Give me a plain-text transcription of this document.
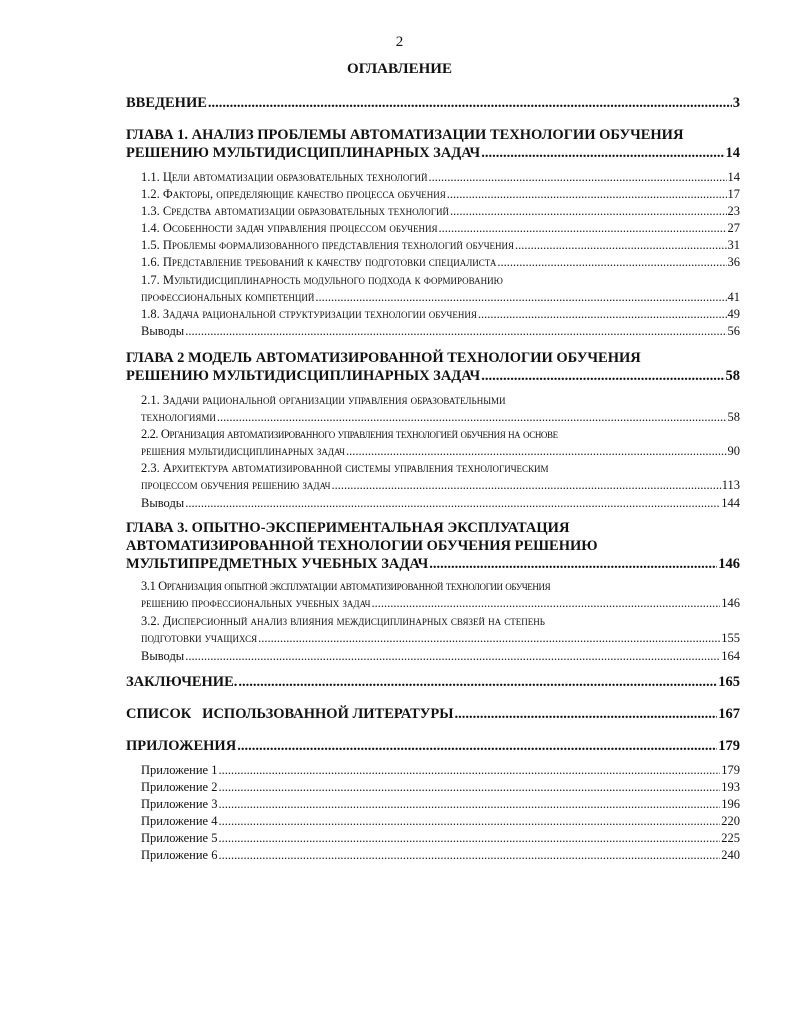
2
ОГЛАВЛЕНИЕ
ВВЕДЕНИЕ .....	3
ГЛАВА 1. АНАЛИЗ ПРОБЛЕМЫ АВТОМАТИЗАЦИИ ТЕХНОЛОГИИ ОБУЧЕНИЯ
РЕШЕНИЮ МУЛЬТИДИСЦИПЛИНАРНЫХ ЗАДАЧ .....	14
1.1. Цели автоматизации образовательных технологий .....	14
1.2. Факторы, определяющие качество процесса обучения .....	17
1.3. Средства автоматизации образовательных технологий .....	23
1.4. Особенности задач управления процессом обучения .....	27
1.5. Проблемы формализованного представления технологий обучения .....	31
1.6. Представление требований к качеству подготовки специалиста .....	36
1.7. Мультидисциплинарность модульного подхода к формированию
профессиональных компетенций .....	41
1.8. Задача рациональной структуризации технологии обучения .....	49
Выводы .....	56
ГЛАВА 2 МОДЕЛЬ АВТОМАТИЗИРОВАННОЙ ТЕХНОЛОГИИ ОБУЧЕНИЯ
РЕШЕНИЮ МУЛЬТИДИСЦИПЛИНАРНЫХ ЗАДАЧ .....	58
2.1. Задачи рациональной организации управления образовательными
технологиями .....	58
2.2. Организация автоматизированного управления технологией обучения на основе
решения мультидисциплинарных задач .....	90
2.3. Архитектура автоматизированной системы управления технологическим
процессом обучения решению задач .....	113
Выводы .....	144
ГЛАВА 3. ОПЫТНО-ЭКСПЕРИМЕНТАЛЬНАЯ ЭКСПЛУАТАЦИЯ
АВТОМАТИЗИРОВАННОЙ ТЕХНОЛОГИИ ОБУЧЕНИЯ РЕШЕНИЮ
МУЛЬТИПРЕДМЕТНЫХ УЧЕБНЫХ ЗАДАЧ .....	146
3.1 Организация опытной эксплуатации автоматизированной технологии обучения
решению профессиональных учебных задач .....	146
3.2. Дисперсионный анализ влияния междисциплинарных связей на степень
подготовки учащихся .....	155
Выводы .....	164
ЗАКЛЮЧЕНИЕ. .....	165
СПИСОК   ИСПОЛЬЗОВАННОЙ ЛИТЕРАТУРЫ .....	167
ПРИЛОЖЕНИЯ .....	179
Приложение 1 .....	179
Приложение 2 .....	193
Приложение 3 .....	196
Приложение 4 .....	220
Приложение 5 .....	225
Приложение 6 .....	240
